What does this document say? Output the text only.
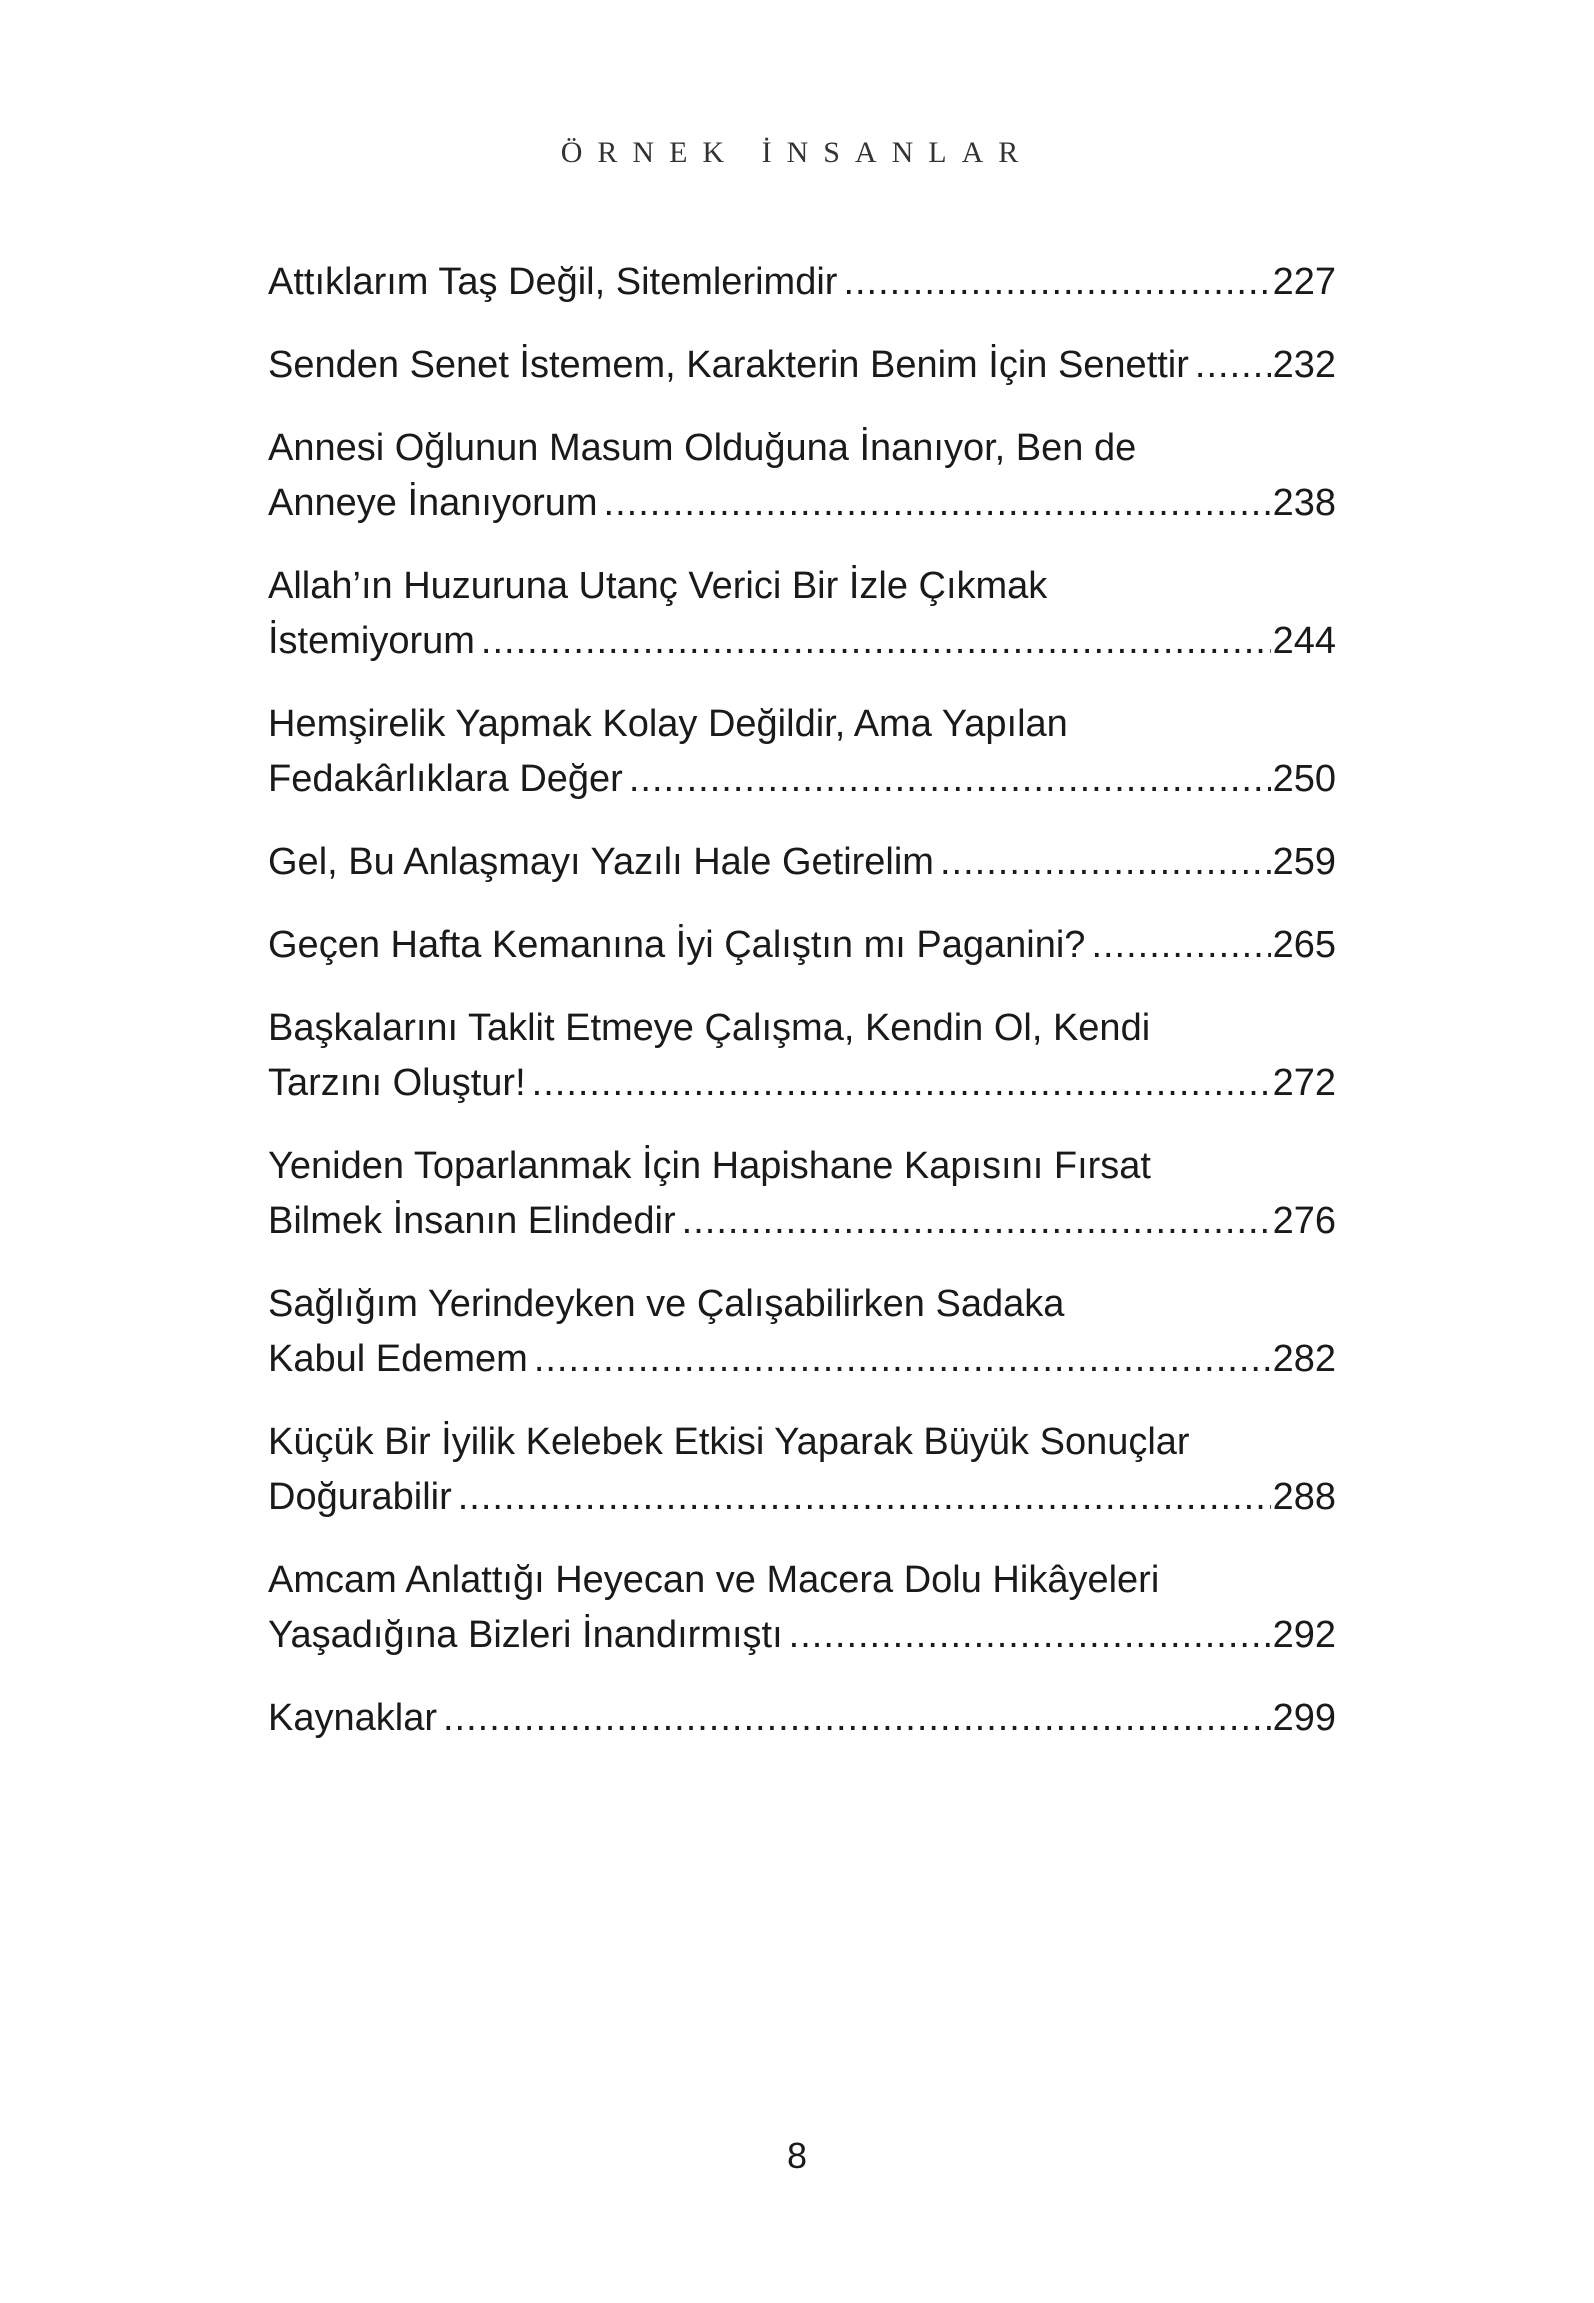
ÖRNEK İNSANLAR
Attıklarım Taş Değil, Sitemlerimdir .....	227
Senden Senet İstemem, Karakterin Benim İçin Senettir ..... 232
Annesi Oğlunun Masum Olduğuna İnanıyor, Ben de
Anneye İnanıyorum .....	238
Allah’ın Huzuruna Utanç Verici Bir İzle Çıkmak
İstemiyorum .....	244
Hemşirelik Yapmak Kolay Değildir, Ama Yapılan
Fedakârlıklara Değer .....	250
Gel, Bu Anlaşmayı Yazılı Hale Getirelim .....	259
Geçen Hafta Kemanına İyi Çalıştın mı Paganini? .....	265
Başkalarını Taklit Etmeye Çalışma, Kendin Ol, Kendi
Tarzını Oluştur! .....	272
Yeniden Toparlanmak İçin Hapishane Kapısını Fırsat
Bilmek İnsanın Elindedir .....	276
Sağlığım Yerindeyken ve Çalışabilirken Sadaka
Kabul Edemem .....	282
Küçük Bir İyilik Kelebek Etkisi Yaparak Büyük Sonuçlar
Doğurabilir .....	288
Amcam Anlattığı Heyecan ve Macera Dolu Hikâyeleri
Yaşadığına Bizleri İnandırmıştı .....	292
Kaynaklar .....	299
8
